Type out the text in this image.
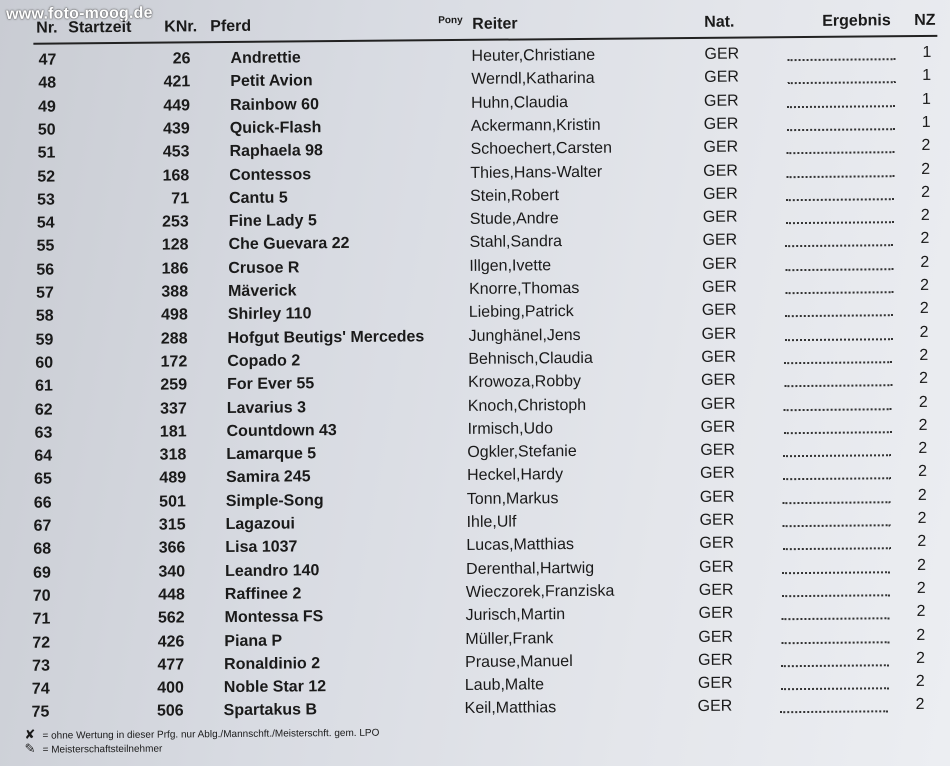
www.foto-moog.de
Nr. Startzeit KNr. Pferd	Pony Reiter	Nat.	Ergebnis NZ
47	26 Andrettie	Heuter,Christiane	GER	1
48	421 Petit Avion	Werndl,Katharina	GER	1
49	449 Rainbow 60	Huhn,Claudia	GER	1
50	439 Quick-Flash	Ackermann,Kristin	GER	1
51	453 Raphaela 98	Schoechert,Carsten	GER	2
52	168 Contessos	Thies,Hans-Walter	GER	2
53	71 Cantu 5	Stein,Robert	GER	2
54	253 Fine Lady 5	Stude,Andre	GER	2
55	128 Che Guevara 22	Stahl,Sandra	GER	2
56	186 Crusoe R	Illgen,Ivette	GER	2
57	388 Mäverick	Knorre,Thomas	GER	2
58	498 Shirley 110	Liebing,Patrick	GER	2
59	288 Hofgut Beutigs' Mercedes	Junghänel,Jens	GER	2
60	172 Copado 2	Behnisch,Claudia	GER	2
61	259 For Ever 55	Krowoza,Robby	GER	2
62	337 Lavarius 3	Knoch,Christoph	GER	2
63	181 Countdown 43	Irmisch,Udo	GER	2
64	318 Lamarque 5	Ogkler,Stefanie	GER	2
65	489 Samira 245	Heckel,Hardy	GER	2
66	501 Simple-Song	Tonn,Markus	GER	2
67	315 Lagazoui	Ihle,Ulf	GER	2
68	366 Lisa 1037	Lucas,Matthias	GER	2
69	340 Leandro 140	Derenthal,Hartwig	GER	2
70	448 Raffinee 2	Wieczorek,Franziska	GER	2
71	562 Montessa FS	Jurisch,Martin	GER	2
72	426 Piana P	Müller,Frank	GER	2
73	477 Ronaldinio 2	Prause,Manuel	GER	2
74	400 Noble Star 12	Laub,Malte	GER	2
75	506 Spartakus B	Keil,Matthias	GER	2
✘ = ohne Wertung in dieser Prfg. nur Ablg./Mannschft./Meisterschft. gem. LPO
✎ = Meisterschaftsteilnehmer
